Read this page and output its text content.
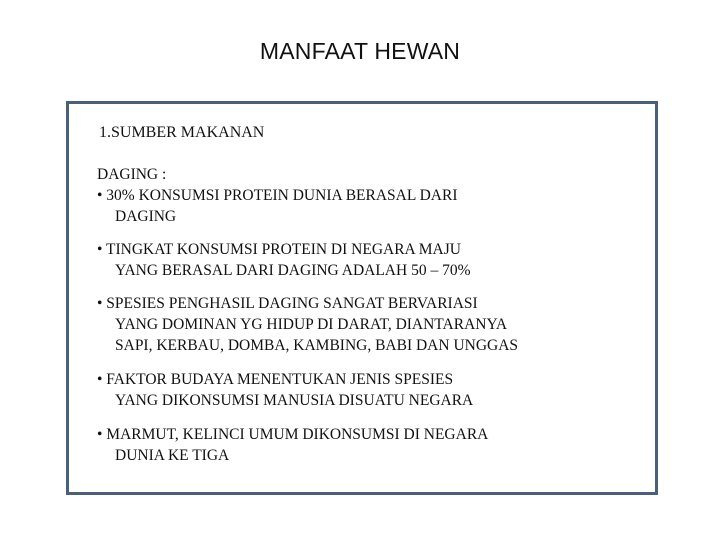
MANFAAT HEWAN

1.SUMBER MAKANAN

DAGING :
• 30% KONSUMSI PROTEIN DUNIA BERASAL DARI
DAGING
• TINGKAT KONSUMSI PROTEIN DI NEGARA MAJU
YANG BERASAL DARI DAGING ADALAH 50 – 70%
• SPESIES PENGHASIL DAGING SANGAT BERVARIASI
YANG DOMINAN YG HIDUP DI DARAT, DIANTARANYA
SAPI, KERBAU, DOMBA, KAMBING, BABI DAN UNGGAS
• FAKTOR BUDAYA MENENTUKAN JENIS SPESIES
YANG DIKONSUMSI MANUSIA DISUATU NEGARA
• MARMUT, KELINCI UMUM DIKONSUMSI DI NEGARA
DUNIA KE TIGA
